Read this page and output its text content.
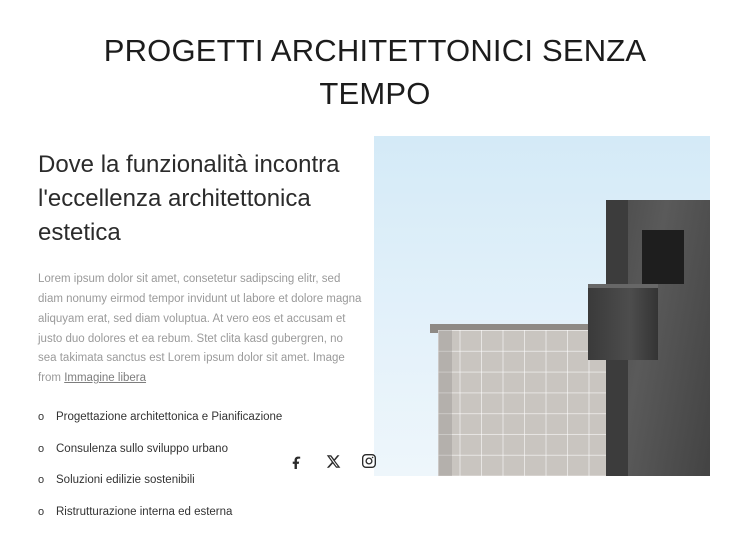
PROGETTI ARCHITETTONICI SENZA TEMPO
Dove la funzionalità incontra l'eccellenza architettonica estetica

Lorem ipsum dolor sit amet, consetetur sadipscing elitr, sed diam nonumy eirmod tempor invidunt ut labore et dolore magna aliquyam erat, sed diam voluptua. At vero eos et accusam et justo duo dolores et ea rebum. Stet clita kasd gubergren, no sea takimata sanctus est Lorem ipsum dolor sit amet. Image from Immagine libera

o Progettazione architettonica e Pianificazione
o Consulenza sullo sviluppo urbano
o Soluzioni edilizie sostenibili
o Ristrutturazione interna ed esterna
